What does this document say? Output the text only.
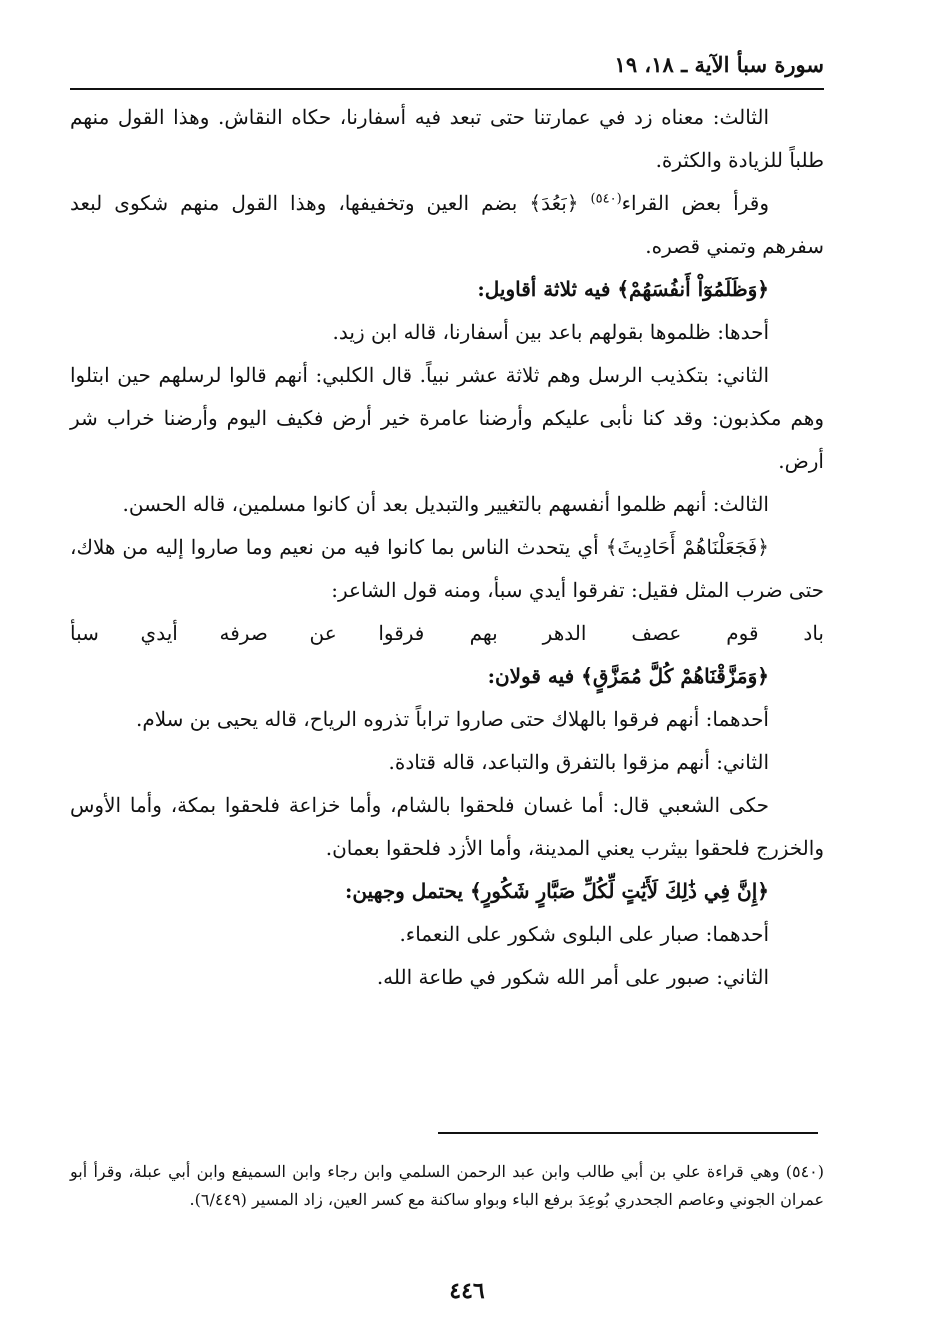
سورة سبأ الآية ـ ١٨، ١٩

الثالث: معناه زد في عمارتنا حتى تبعد فيه أسفارنا، حكاه النقاش. وهذا القول منهم طلباً للزيادة والكثرة.

وقرأ بعض القراء$^{(٥٤٠)}$ ﴿بَعُدَ﴾ بضم العين وتخفيفها، وهذا القول منهم شكوى لبعد سفرهم وتمني قصره.

﴿وَظَلَمُوٓاْ أَنفُسَهُمْ﴾ فيه ثلاثة أقاويل:

أحدها: ظلموها بقولهم باعد بين أسفارنا، قاله ابن زيد.

الثاني: بتكذيب الرسل وهم ثلاثة عشر نبياً. قال الكلبي: أنهم قالوا لرسلهم حين ابتلوا وهم مكذبون: وقد كنا نأبى عليكم وأرضنا عامرة خير أرض فكيف اليوم وأرضنا خراب شر أرض.

الثالث: أنهم ظلموا أنفسهم بالتغيير والتبديل بعد أن كانوا مسلمين، قاله الحسن.

﴿فَجَعَلْنَاهُمْ أَحَادِيثَ﴾ أي يتحدث الناس بما كانوا فيه من نعيم وما صاروا إليه من هلاك، حتى ضرب المثل فقيل: تفرقوا أيدي سبأ، ومنه قول الشاعر:

باد قوم عصف الدهر بهم
فرقوا عن صرفه أيدي سبأ

﴿وَمَزَّقْنَاهُمْ كُلَّ مُمَزَّقٍ﴾ فيه قولان:

أحدهما: أنهم فرقوا بالهلاك حتى صاروا تراباً تذروه الرياح، قاله يحيى بن سلام.

الثاني: أنهم مزقوا بالتفرق والتباعد، قاله قتادة.

حكى الشعبي قال: أما غسان فلحقوا بالشام، وأما خزاعة فلحقوا بمكة، وأما الأوس والخزرج فلحقوا بيثرب يعني المدينة، وأما الأزد فلحقوا بعمان.

﴿إِنَّ فِي ذَٰلِكَ لَأَيَٰتٍ لِّكُلِّ صَبَّارٍ شَكُورٍ﴾ يحتمل وجهين:

أحدهما: صبار على البلوى شكور على النعماء.

الثاني: صبور على أمر الله شكور في طاعة الله.

(٥٤٠) وهي قراءة علي بن أبي طالب وابن عبد الرحمن السلمي وابن رجاء وابن السميفع وابن أبي عبلة، وقرأ أبو عمران الجوني وعاصم الجحدري بُوعِدَ برفع الباء وبواو ساكنة مع كسر العين، زاد المسير (٦/٤٤٩).

٤٤٦
